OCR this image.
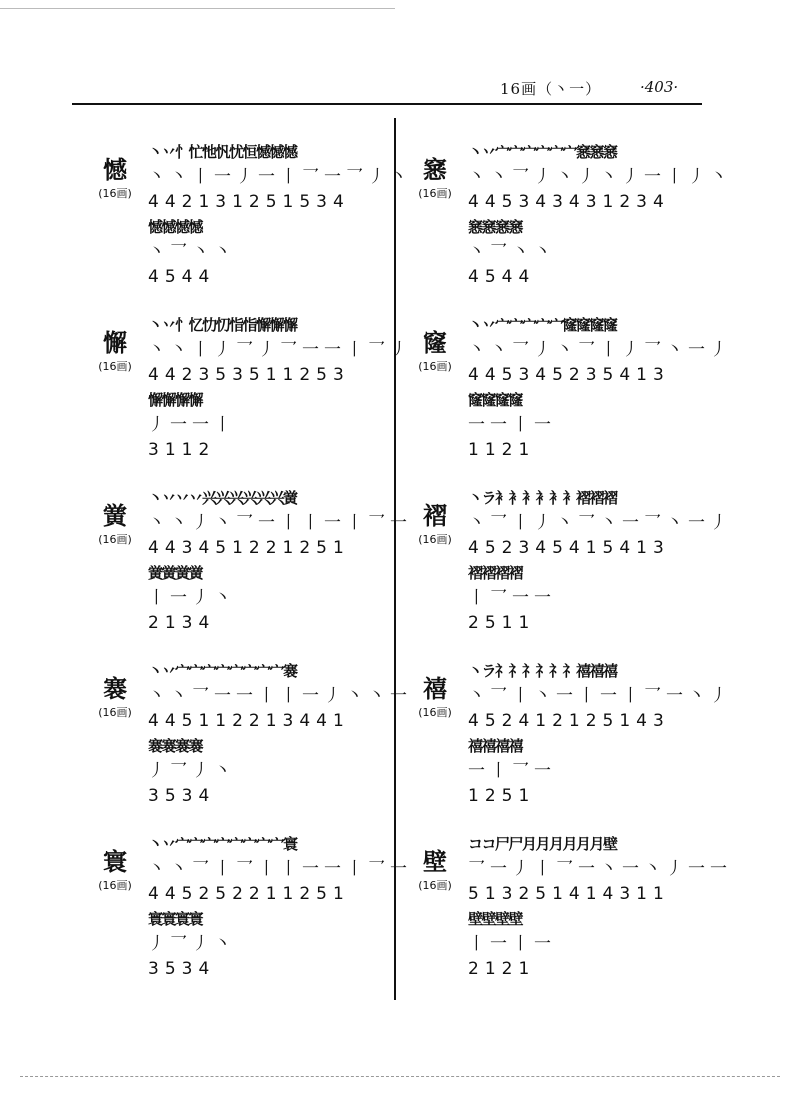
16画（丶一）	·403·
憾
(16画)
丶丷忄忙忚忛忧恒憾憾憾
丶丶丨一丿一丨乛一乛丿丶
442131251534
憾憾憾憾
丶乛丶丶
4544
懈
(16画)
丶丷忄忆忇忉恉恉懈懈懈
丶丶丨丿乛丿乛一一丨乛丿
442353511253
懈懈懈懈
丿一一丨
3112
黉
(16画)
丶丷丷丷兴兴兴兴兴兴黉
丶丶丿丶乛一丨丨一丨乛一
443451221251
黉黉黉黉
丨一丿丶
2134
褰
(16画)
丶丷宀宀宀宀宀宀宀宀褰
丶丶乛一一丨丨一丿丶丶一
445112213441
褰褰褰褰
丿乛丿丶
3534
寰
(16画)
丶丷宀宀宀宀宀宀宀宀寰
丶丶乛丨乛丨丨一一丨乛一
445252211251
寰寰寰寰
丿乛丿丶
3534
窸
(16画)
丶丷宀宀宀宀宀宀窸窸窸
丶丶乛丿丶丿丶丿一丨丿丶
445343431234
窸窸窸窸
丶乛丶丶
4544
窿
(16画)
丶丷宀宀宀宀宀窿窿窿窿
丶丶乛丿丶乛丨丿乛丶一丿
445345235413
窿窿窿窿
一一丨一
1121
褶
(16画)
丶ラ衤衤衤衤衤衤褶褶褶
丶乛丨丿丶乛丶一乛丶一丿
452345415413
褶褶褶褶
丨乛一一
2511
禧
(16画)
丶ラ礻礻礻礻礻礻禧禧禧
丶乛丨丶一丨一丨乛一丶丿
452412125143
禧禧禧禧
一丨乛一
1251
壁
(16画)
ココ尸尸月月月月月月壁
乛一丿丨乛一丶一丶丿一一
513251414311
壁壁壁壁
丨一丨一
2121
